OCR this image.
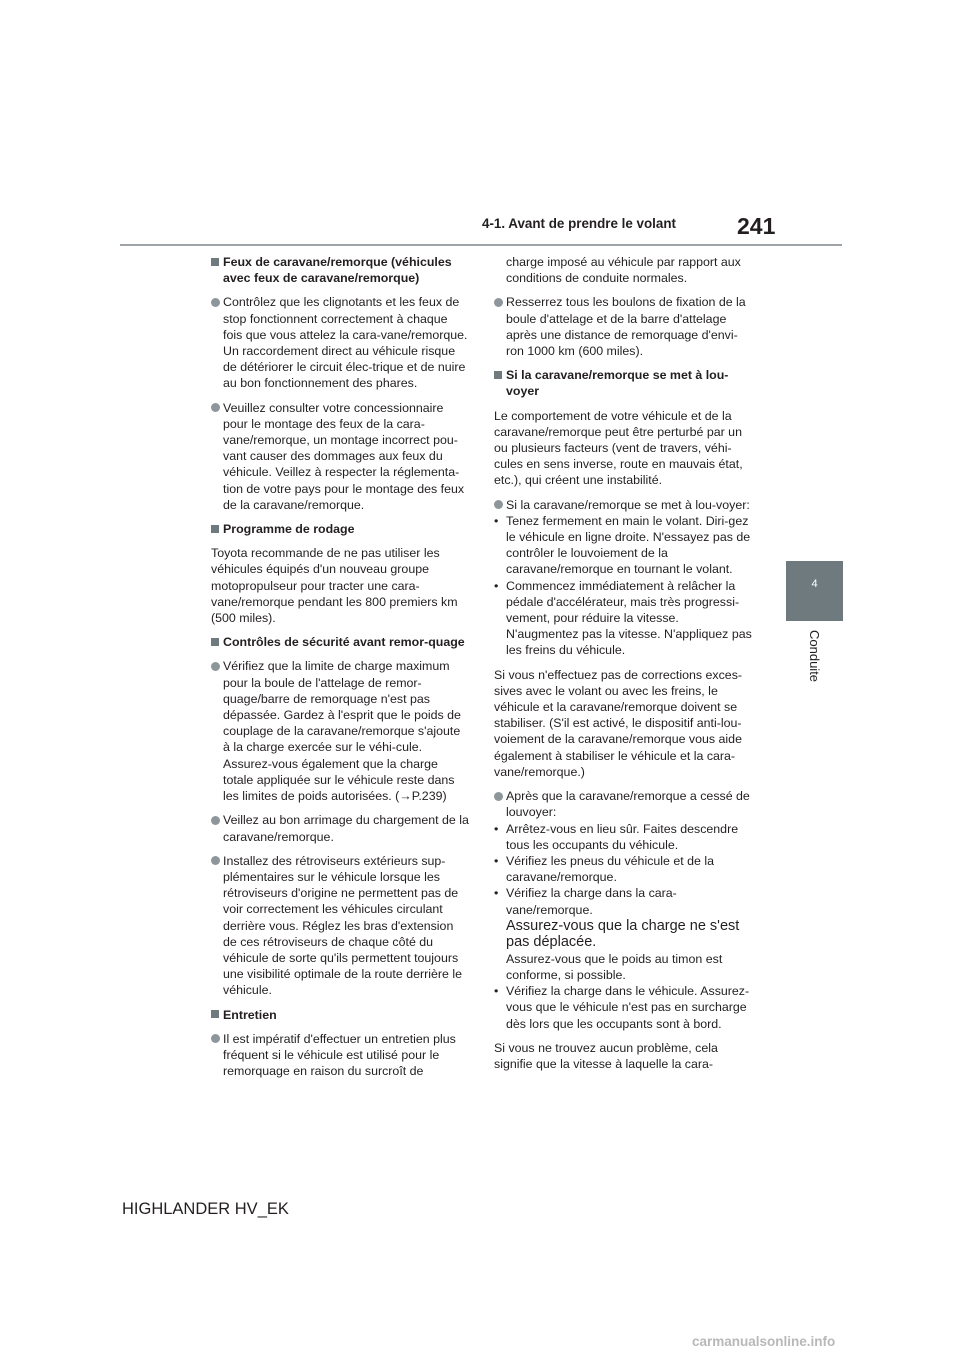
4-1. Avant de prendre le volant	241
4
Conduite

Feux de caravane/remorque (véhicules avec feux de caravane/remorque)

Contrôlez que les clignotants et les feux de stop fonctionnent correctement à chaque fois que vous attelez la cara-vane/remorque. Un raccordement direct au véhicule risque de détériorer le circuit élec-trique et de nuire au bon fonctionnement des phares.

Veuillez consulter votre concessionnaire pour le montage des feux de la cara-vane/remorque, un montage incorrect pou-vant causer des dommages aux feux du véhicule. Veillez à respecter la réglementa-tion de votre pays pour le montage des feux de la caravane/remorque.

Programme de rodage

Toyota recommande de ne pas utiliser les véhicules équipés d'un nouveau groupe motopropulseur pour tracter une cara-vane/remorque pendant les 800 premiers km (500 miles).

Contrôles de sécurité avant remor-quage

Vérifiez que la limite de charge maximum pour la boule de l'attelage de remor-quage/barre de remorquage n'est pas dépassée. Gardez à l'esprit que le poids de couplage de la caravane/remorque s'ajoute à la charge exercée sur le véhi-cule. Assurez-vous également que la charge totale appliquée sur le véhicule reste dans les limites de poids autorisées. (→P.239)

Veillez au bon arrimage du chargement de la caravane/remorque.

Installez des rétroviseurs extérieurs sup-plémentaires sur le véhicule lorsque les rétroviseurs d'origine ne permettent pas de voir correctement les véhicules circulant derrière vous. Réglez les bras d'extension de ces rétroviseurs de chaque côté du véhicule de sorte qu'ils permettent toujours une visibilité optimale de la route derrière le véhicule.

Entretien

Il est impératif d'effectuer un entretien plus fréquent si le véhicule est utilisé pour le remorquage en raison du surcroît de

charge imposé au véhicule par rapport aux conditions de conduite normales.

Resserrez tous les boulons de fixation de la boule d'attelage et de la barre d'attelage après une distance de remorquage d'envi-ron 1000 km (600 miles).

Si la caravane/remorque se met à lou-voyer

Le comportement de votre véhicule et de la caravane/remorque peut être perturbé par un ou plusieurs facteurs (vent de travers, véhi-cules en sens inverse, route en mauvais état, etc.), qui créent une instabilité.

Si la caravane/remorque se met à lou-voyer:

• Tenez fermement en main le volant. Diri-gez le véhicule en ligne droite. N'essayez pas de contrôler le louvoiement de la caravane/remorque en tournant le volant.
• Commencez immédiatement à relâcher la pédale d'accélérateur, mais très progressi-vement, pour réduire la vitesse. N'augmentez pas la vitesse. N'appliquez pas les freins du véhicule.

Si vous n'effectuez pas de corrections exces-sives avec le volant ou avec les freins, le véhicule et la caravane/remorque doivent se stabiliser. (S'il est activé, le dispositif anti-lou-voiement de la caravane/remorque vous aide également à stabiliser le véhicule et la cara-vane/remorque.)

Après que la caravane/remorque a cessé de louvoyer:

• Arrêtez-vous en lieu sûr. Faites descendre tous les occupants du véhicule.
• Vérifiez les pneus du véhicule et de la caravane/remorque.
• Vérifiez la charge dans la cara-vane/remorque.
Assurez-vous que la charge ne s'est pas déplacée.
Assurez-vous que le poids au timon est conforme, si possible.
• Vérifiez la charge dans le véhicule. Assurez-vous que le véhicule n'est pas en surcharge dès lors que les occupants sont à bord.

Si vous ne trouvez aucun problème, cela signifie que la vitesse à laquelle la cara-

HIGHLANDER HV_EK
carmanualsonline.info
